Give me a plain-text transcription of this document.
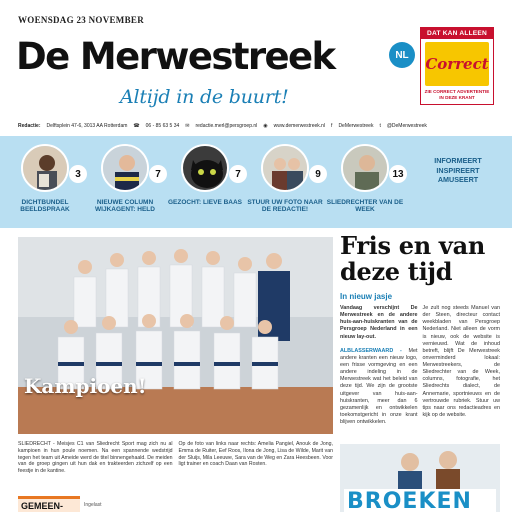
WOENSDAG 23 NOVEMBER
De Merwestreek	NL
Altijd in de buurt!
DAT KAN ALLEEN
Correct
ZIE CORRECT ADVERTENTIE IN DEZE KRANT
Redactie: Delftsplein 47-6, 3013 AA Rotterdam ☎ 06 - 85 63 5 34 ✉ redactie.merl@persgroep.nl ◉ www.demerwestreek.nl f DeMerwestreek t @DeMerwestreek
3
DICHTBUNDEL BEELDSPRAAK
7
NIEUWE COLUMN WIJKAGENT: HELD
7
GEZOCHT: LIEVE BAAS
9
STUUR UW FOTO NAAR DE REDACTIE!
13
SLIEDRECHTER VAN DE WEEK
INFORMEERT
INSPIREERT
AMUSEERT
Kampioen!
Fris en van deze tijd
In nieuw jasje

Vandaag verschijnt De Merwestreek en de andere huis-aan-huiskranten van de Persgroep Nederland in een nieuw lay-out.

ALBLASSERWAARD - Met andere kranten een nieuw logo, een frisse vormgeving en een andere indeling in de Merwestreek wat het beleid van deze tijd. We zijn de grootste uitgever van huis-aan-huiskranten, meer dan 6 gezamenlijk en ontwikkelen toekomstgericht in onze krant blijven ontwikkelen.

Je zult nog steeds Manuel van der Steen, directeur contact weekbladen van Persgroep Nederland. Niet alleen de vorm is nieuw, ook de website is vernieuwd. Wat de inhoud betreft, blijft De Merwestreek onverminderd lokaal: Merwestreekers, de Sliedrechter van de Week, columns, fotografie, het Sliedrechts dialect, de Annemarie, sportnieuws en de vertrouwde rubriek. Stuur uw tips naar ons redactieadres en kijk op de website.

SLIEDRECHT - Meisjes C1 van Sliedrecht Sport mag zich nu al kampioen in hun poule noemen. Na een spannende wedstrijd tegen het team uit Ameide werd de titel binnengehaald. De meiden van de groep gingen uit hun dak en trakteerden zichzelf op een feestje in de kantine.

Op de foto van links naar rechts: Amelia Pangiel, Anouk de Jong, Emma de Ruiter, Eef Roos, Ilona de Jong, Lisa de Wilde, Marit van der Sluijs, Mila Leeuwe, Sara van de Weg en Zara Heesbeen. Voor ligt trainer en coach Daan van Rosten.

GEMEEN-	Ingelast	BROEKEN
